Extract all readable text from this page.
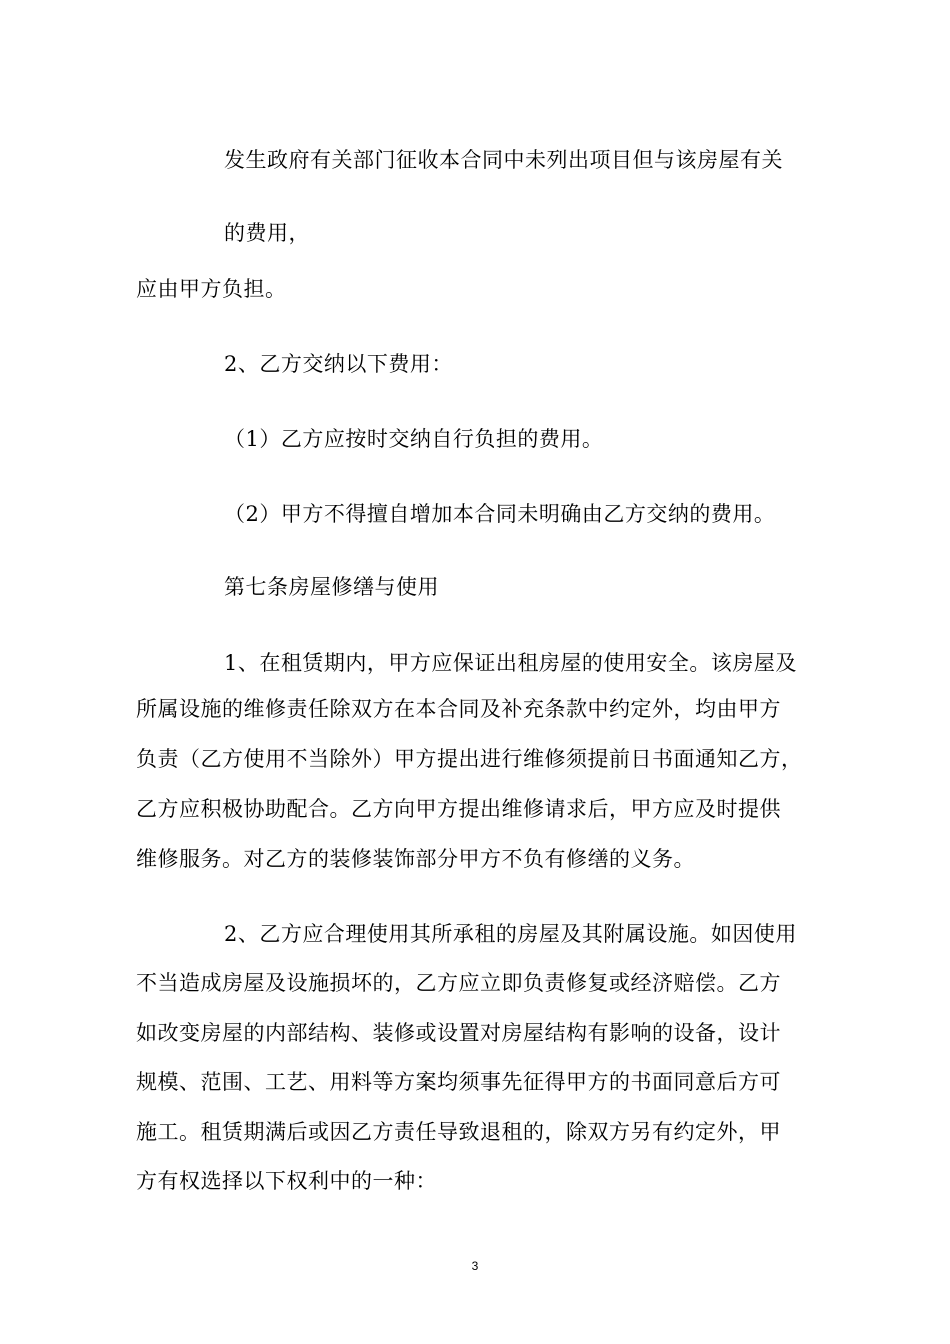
发生政府有关部门征收本合同中未列出项目但与该房屋有关
的费用，
应由甲方负担。
2、乙方交纳以下费用：
（1）乙方应按时交纳自行负担的费用。
（2）甲方不得擅自增加本合同未明确由乙方交纳的费用。
第七条房屋修缮与使用
1、在租赁期内，甲方应保证出租房屋的使用安全。该房屋及
所属设施的维修责任除双方在本合同及补充条款中约定外，均由甲方
负责（乙方使用不当除外）甲方提出进行维修须提前日书面通知乙方，
乙方应积极协助配合。乙方向甲方提出维修请求后，甲方应及时提供
维修服务。对乙方的装修装饰部分甲方不负有修缮的义务。
2、乙方应合理使用其所承租的房屋及其附属设施。如因使用
不当造成房屋及设施损坏的，乙方应立即负责修复或经济赔偿。乙方
如改变房屋的内部结构、装修或设置对房屋结构有影响的设备，设计
规模、范围、工艺、用料等方案均须事先征得甲方的书面同意后方可
施工。租赁期满后或因乙方责任导致退租的，除双方另有约定外，甲
方有权选择以下权利中的一种：
3
